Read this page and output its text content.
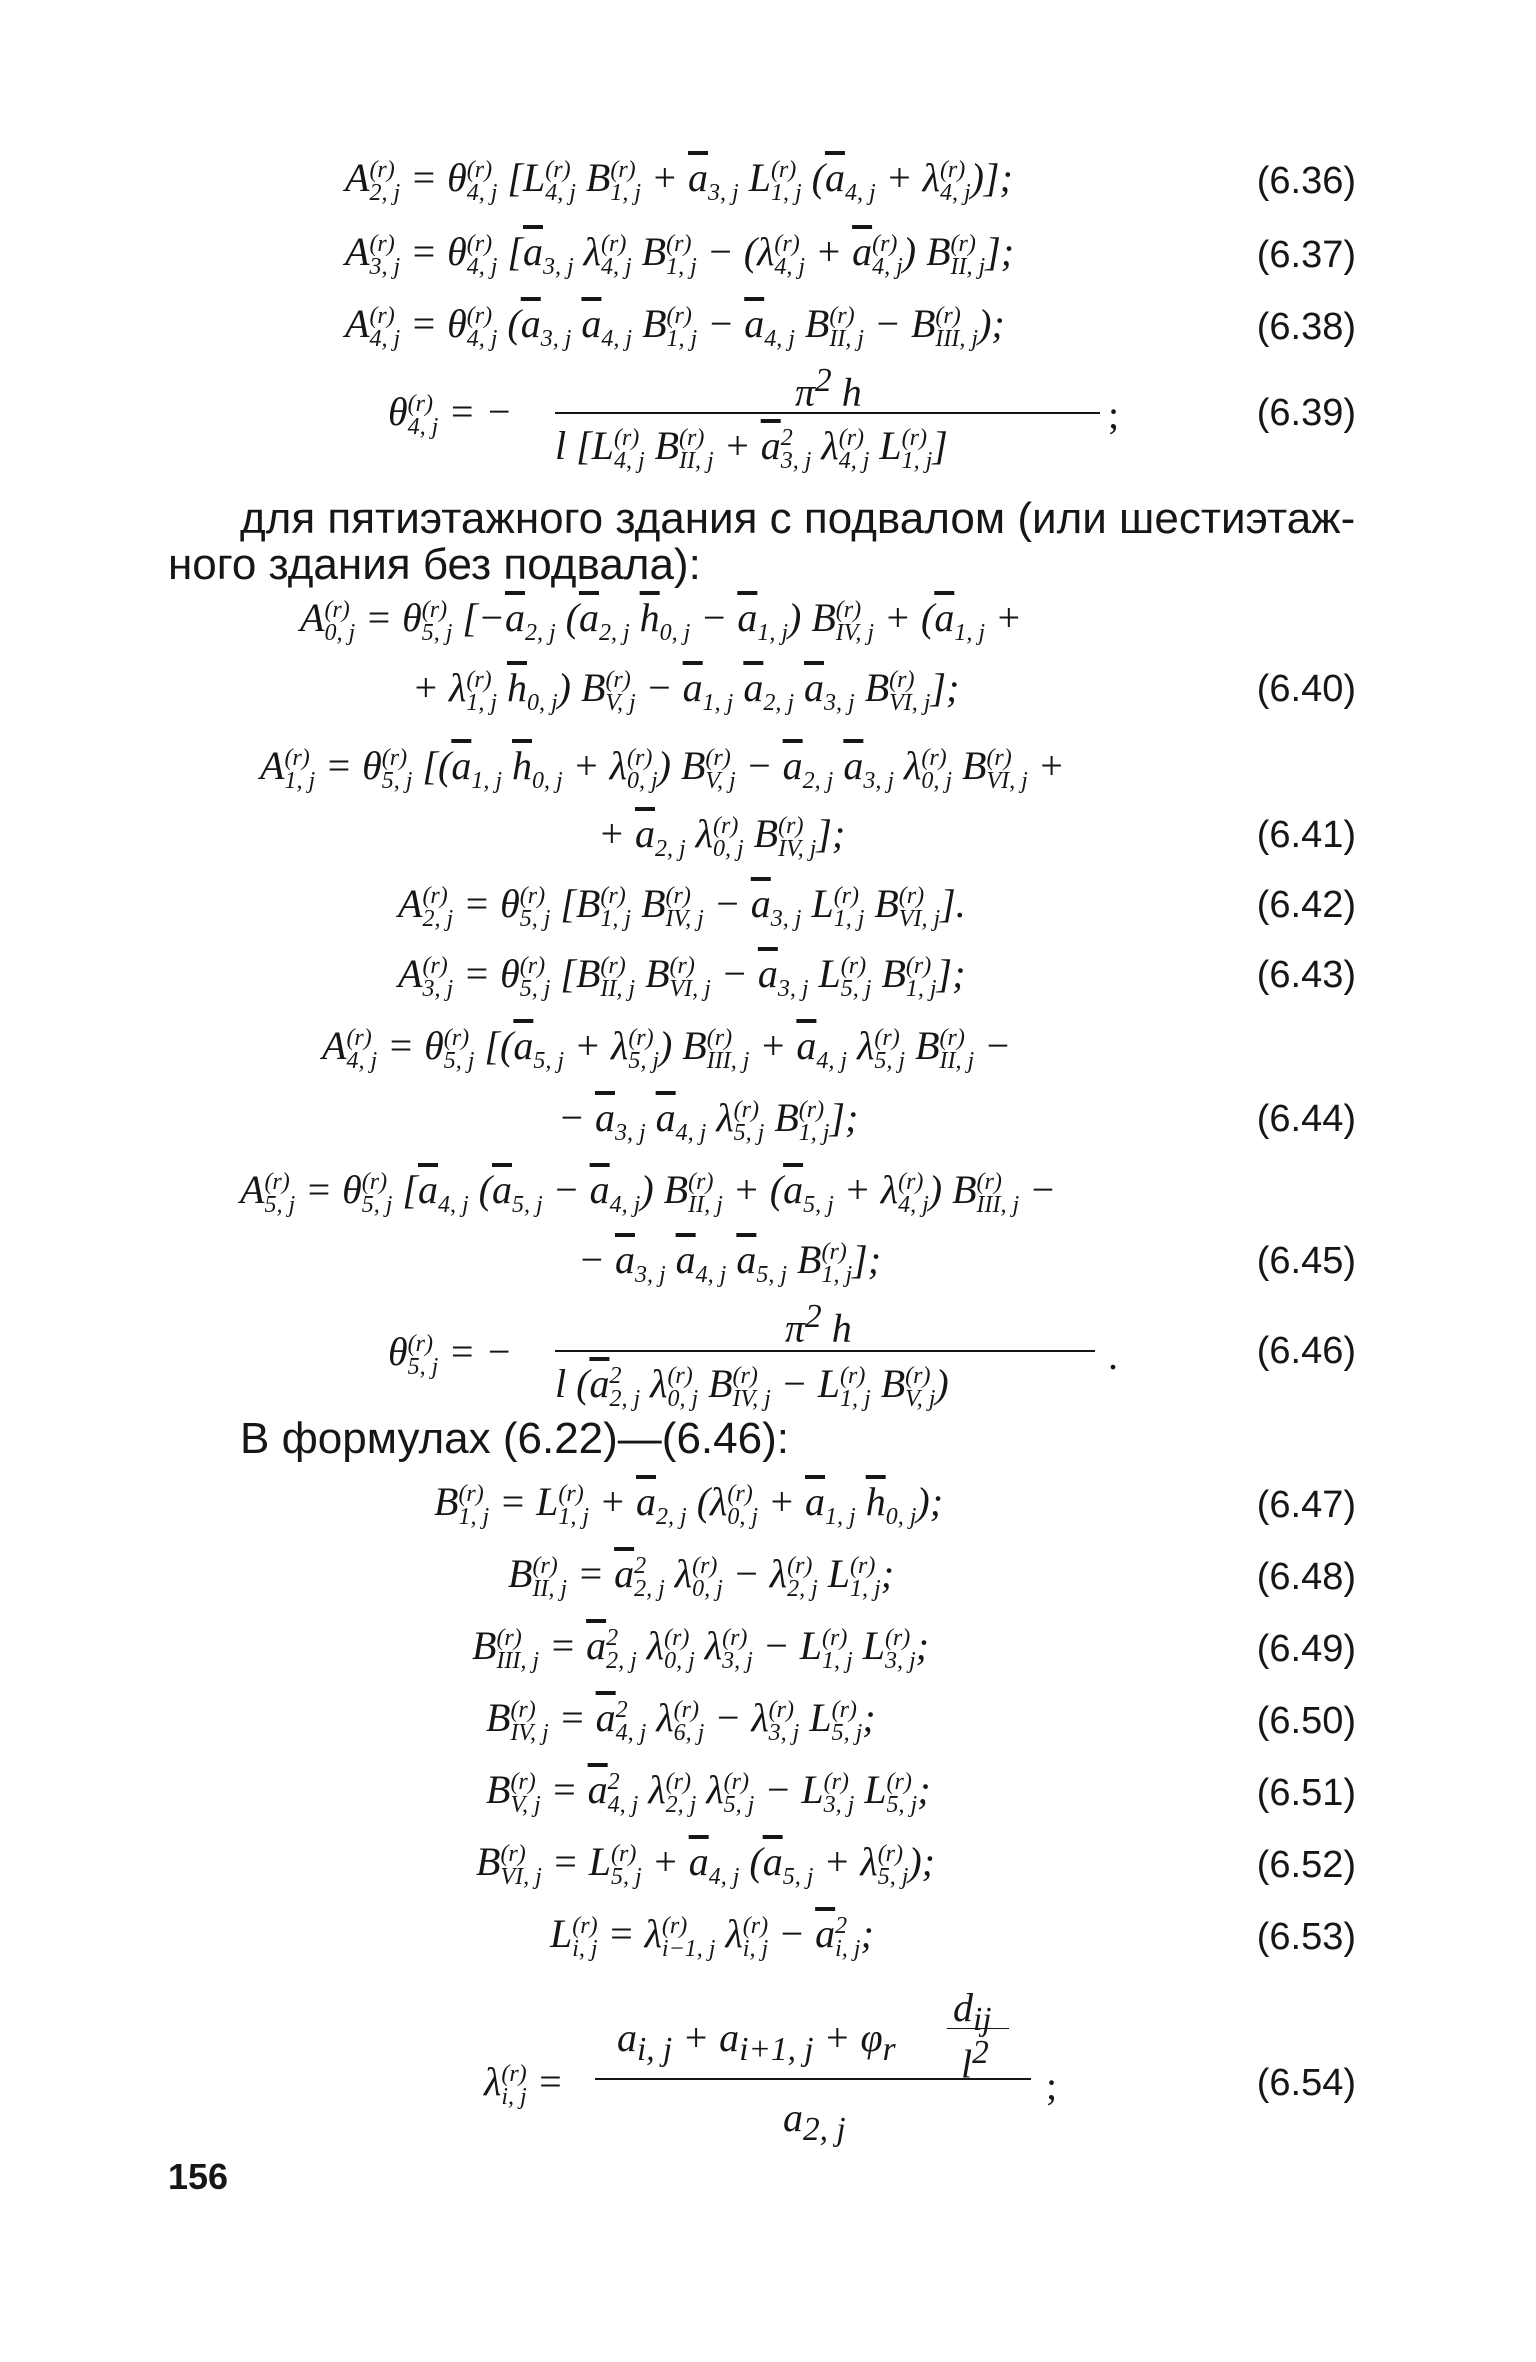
A (r)
2, j = θ (r)
4, j [L (r)
4, j B (r)
1, $j + \overline{a}_{3, j}$ L (r)
1, j ($\overline{a}_{4, j} + \lambda$ (r)
4, j )];	(6.36)
A (r)
3, j = θ (r)
4, j [$\overline{a}_{3, j}$ λ (r)
4, j B (r)
1, j − (λ (r)
4, $j + \overline{a}$ (r)
4, j ) B (r)
II, j ];	(6.37)
A (r)
4, j = θ (r)
4, j ($\overline{a}_{3, j}$ $\overline{a}_{4, j}$ B (r)
1, $j - \overline{a}_{4, j}$ B (r)
II, j − B (r)
III, j );	(6.38)
θ (r)
4, j = −	$\pi^2$ h
l [L (r)
4, j B (r)
II, $j + \overline{a}$ 2
3, j λ (r)
4, j L (r)
1, j ]
;	(6.39)
для пятиэтажного здания с подвалом (или шестиэтаж-
ного здания без подвала):
A (r)
0, j = θ (r)
5, j [$-\overline{a}_{2, j}$ ($\overline{a}_{2, j}$ $\overline{h}_{0, j} - \overline{a}_{1, j}$) B (r)
IV, $j + (\overline{a}_{1, j}$ +
+ λ (r)
1, j $\overline{h}_{0, j}$) B (r)
V, $j - \overline{a}_{1, j}$ $\overline{a}_{2, j}$ $\overline{a}_{3, j}$ B (r)
VI, j ];	(6.40)
A (r)
1, j = θ (r)
5, j [($\overline{a}_{1, j}$ $\overline{h}_{0, j} + \lambda$ (r)
0, j ) B (r)
V, $j - \overline{a}_{2, j}$ $\overline{a}_{3, j}$ λ (r)
0, j B (r)
VI, j +
+ $\overline{a}_{2, j}$ λ (r)
0, j B (r)
IV, j ];	(6.41)
A (r)
2, j = θ (r)
5, j [B (r)
1, j B (r)
IV, $j - \overline{a}_{3, j}$ L (r)
1, j B (r)
VI, j ].	(6.42)
A (r)
3, j = θ (r)
5, j [B (r)
II, j B (r)
VI, $j - \overline{a}_{3, j}$ L (r)
5, j B (r)
1, j ];	(6.43)
A (r)
4, j = θ (r)
5, j [($\overline{a}_{5, j} + \lambda$ (r)
5, j ) B (r)
III, $j + \overline{a}_{4, j}$ λ (r)
5, j B (r)
II, j −
− $\overline{a}_{3, j}$ $\overline{a}_{4, j}$ λ (r)
5, j B (r)
1, j ];	(6.44)
A (r)
5, j = θ (r)
5, j [$\overline{a}_{4, j}$ $(\overline{a}_{5, j} - \overline{a}_{4, j})$ B (r)
II, $j + (\overline{a}_{5, j} + \lambda$ (r)
4, j ) B (r)
III, j −
− $\overline{a}_{3, j}$ $\overline{a}_{4, j}$ $\overline{a}_{5, j}$ B (r)
1, j ];	(6.45)
θ (r)
5, j = −
$\pi^2$ h
l ($\overline{a}$ 2
2, j λ (r)
0, j B (r)
IV, j − L (r)
1, j B (r)
V, j )
.	(6.46)
В формулах (6.22)—(6.46):
B (r)
1, j = L (r)
1, $j + \overline{a}_{2, j}$ (λ (r)
0, $j + \overline{a}_{1, j}$ $\overline{h}_{0, j}$);	(6.47)
B (r)
II, $j = \overline{a}$ 2
2, j λ (r)
0, j − λ (r)
2, j L (r)
1, j ;	(6.48)
B (r)
III, $j = \overline{a}$ 2
2, j λ (r)
0, j λ (r)
3, j − L (r)
1, j L (r)
3, j ;	(6.49)
B (r)
IV, $j = \overline{a}$ 2
4, j λ (r)
6, j − λ (r)
3, j L (r)
5, j ;	(6.50)
B (r)
V, $j = \overline{a}$ 2
4, j λ (r)
2, j λ (r)
5, j − L (r)
3, j L (r)
5, j ;	(6.51)
B (r)
VI, j = L (r)
5, $j + \overline{a}_{4, j}$ ($\overline{a}_{5, j} + \lambda$ (r)
5, j );	(6.52)
L (r)
i, j = λ (r)
i−1, j λ (r)
i, $j - \overline{a}$ 2
i, j ;	(6.53)
λ (r)
i, j =
$a_{i, j} + a_{i+1, j} + \varphi_r$
$d_{ij}$
$l^2$
$a_{2, j}$
;	(6.54)
156
